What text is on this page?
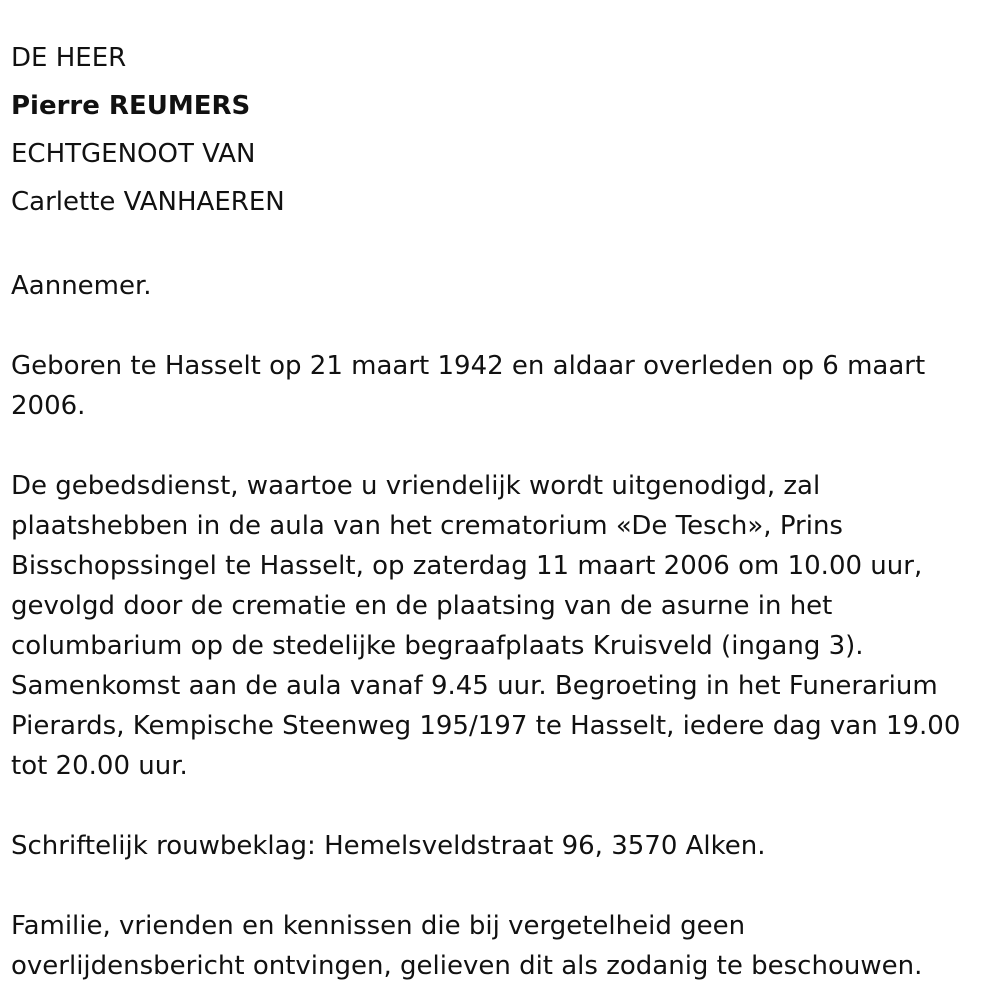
DE HEER

Pierre REUMERS

ECHTGENOOT VAN

Carlette VANHAEREN

Aannemer.

Geboren te Hasselt op 21 maart 1942 en aldaar overleden op 6 maart 2006.

De gebedsdienst, waartoe u vriendelijk wordt uitgenodigd, zal plaatshebben in de aula van het crematorium «De Tesch», Prins Bisschopssingel te Hasselt, op zaterdag 11 maart 2006 om 10.00 uur, gevolgd door de crematie en de plaatsing van de asurne in het columbarium op de stedelijke begraafplaats Kruisveld (ingang 3). Samenkomst aan de aula vanaf 9.45 uur. Begroeting in het Funerarium Pierards, Kempische Steenweg 195/197 te Hasselt, iedere dag van 19.00 tot 20.00 uur.

Schriftelijk rouwbeklag: Hemelsveldstraat 96, 3570 Alken.

Familie, vrienden en kennissen die bij vergetelheid geen overlijdensbericht ontvingen, gelieven dit als zodanig te beschouwen.
